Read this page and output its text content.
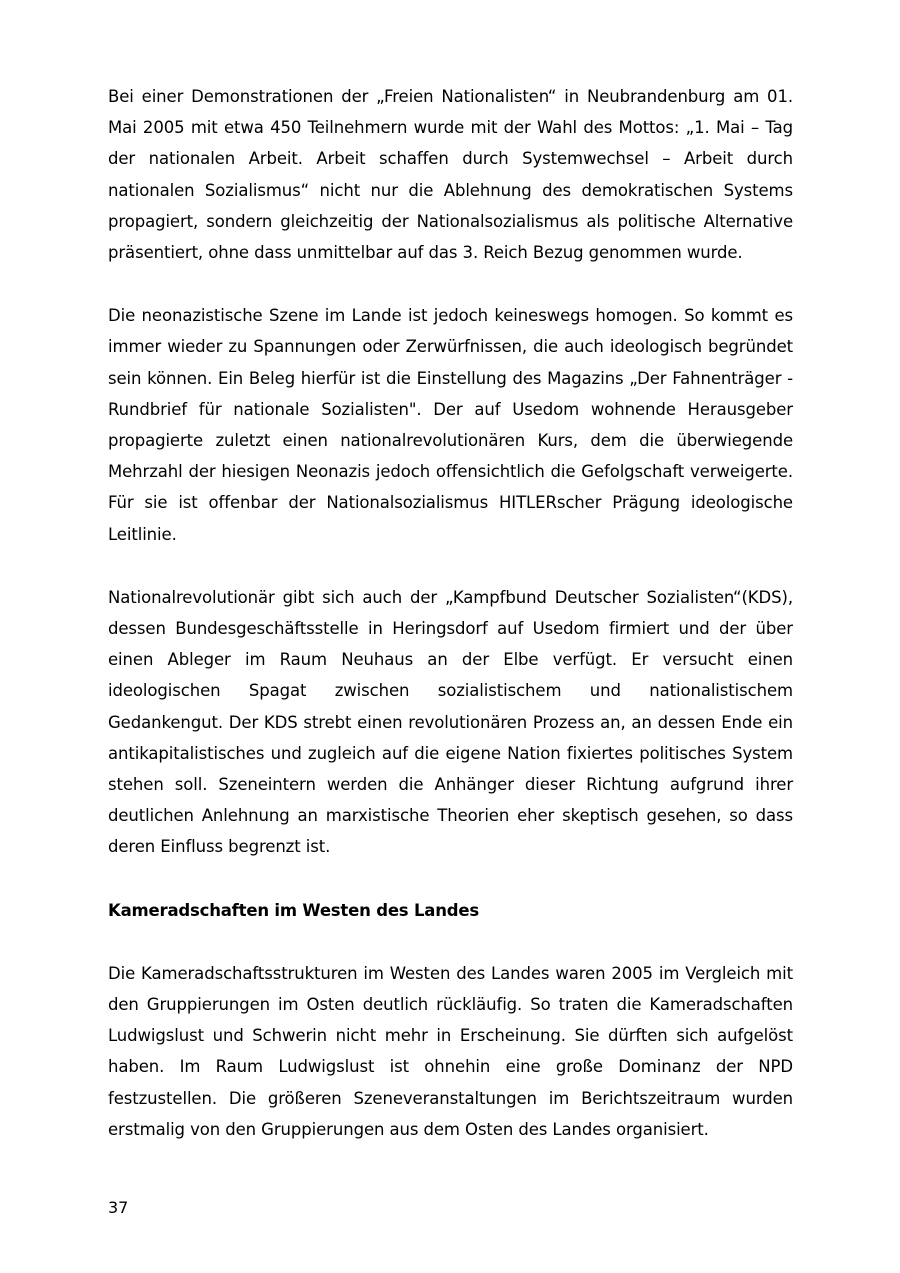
Bei einer Demonstrationen der „Freien Nationalisten“ in Neubrandenburg am 01. Mai 2005 mit etwa 450 Teilnehmern wurde mit der Wahl des Mottos: „1. Mai – Tag der nationalen Arbeit. Arbeit schaffen durch Systemwechsel – Arbeit durch nationalen Sozialismus“ nicht nur die Ablehnung des demokratischen Systems propagiert, sondern gleichzeitig der Nationalsozialismus als politische Alternative präsentiert, ohne dass unmittelbar auf das 3. Reich Bezug genommen wurde.

Die neonazistische Szene im Lande ist jedoch keineswegs homogen. So kommt es immer wieder zu Spannungen oder Zerwürfnissen, die auch ideologisch begründet sein können. Ein Beleg hierfür ist die Einstellung des Magazins „Der Fahnenträger - Rundbrief für nationale Sozialisten". Der auf Usedom wohnende Herausgeber propagierte zuletzt einen nationalrevolutionären Kurs, dem die überwiegende Mehrzahl der hiesigen Neonazis jedoch offensichtlich die Gefolgschaft verweigerte. Für sie ist offenbar der Nationalsozialismus HITLERscher Prägung ideologische Leitlinie.

Nationalrevolutionär gibt sich auch der „Kampfbund Deutscher Sozialisten“(KDS), dessen Bundesgeschäftsstelle in Heringsdorf auf Usedom firmiert und der über einen Ableger im Raum Neuhaus an der Elbe verfügt. Er versucht einen ideologischen Spagat zwischen sozialistischem und nationalistischem Gedankengut. Der KDS strebt einen revolutionären Prozess an, an dessen Ende ein antikapitalistisches und zugleich auf die eigene Nation fixiertes politisches System stehen soll. Szeneintern werden die Anhänger dieser Richtung aufgrund ihrer deutlichen Anlehnung an marxistische Theorien eher skeptisch gesehen, so dass deren Einfluss begrenzt ist.

Kameradschaften im Westen des Landes

Die Kameradschaftsstrukturen im Westen des Landes waren 2005 im Vergleich mit den Gruppierungen im Osten deutlich rückläufig. So traten die Kameradschaften Ludwigslust und Schwerin nicht mehr in Erscheinung. Sie dürften sich aufgelöst haben. Im Raum Ludwigslust ist ohnehin eine große Dominanz der NPD festzustellen. Die größeren Szeneveranstaltungen im Berichtszeitraum wurden erstmalig von den Gruppierungen aus dem Osten des Landes organisiert.

37
